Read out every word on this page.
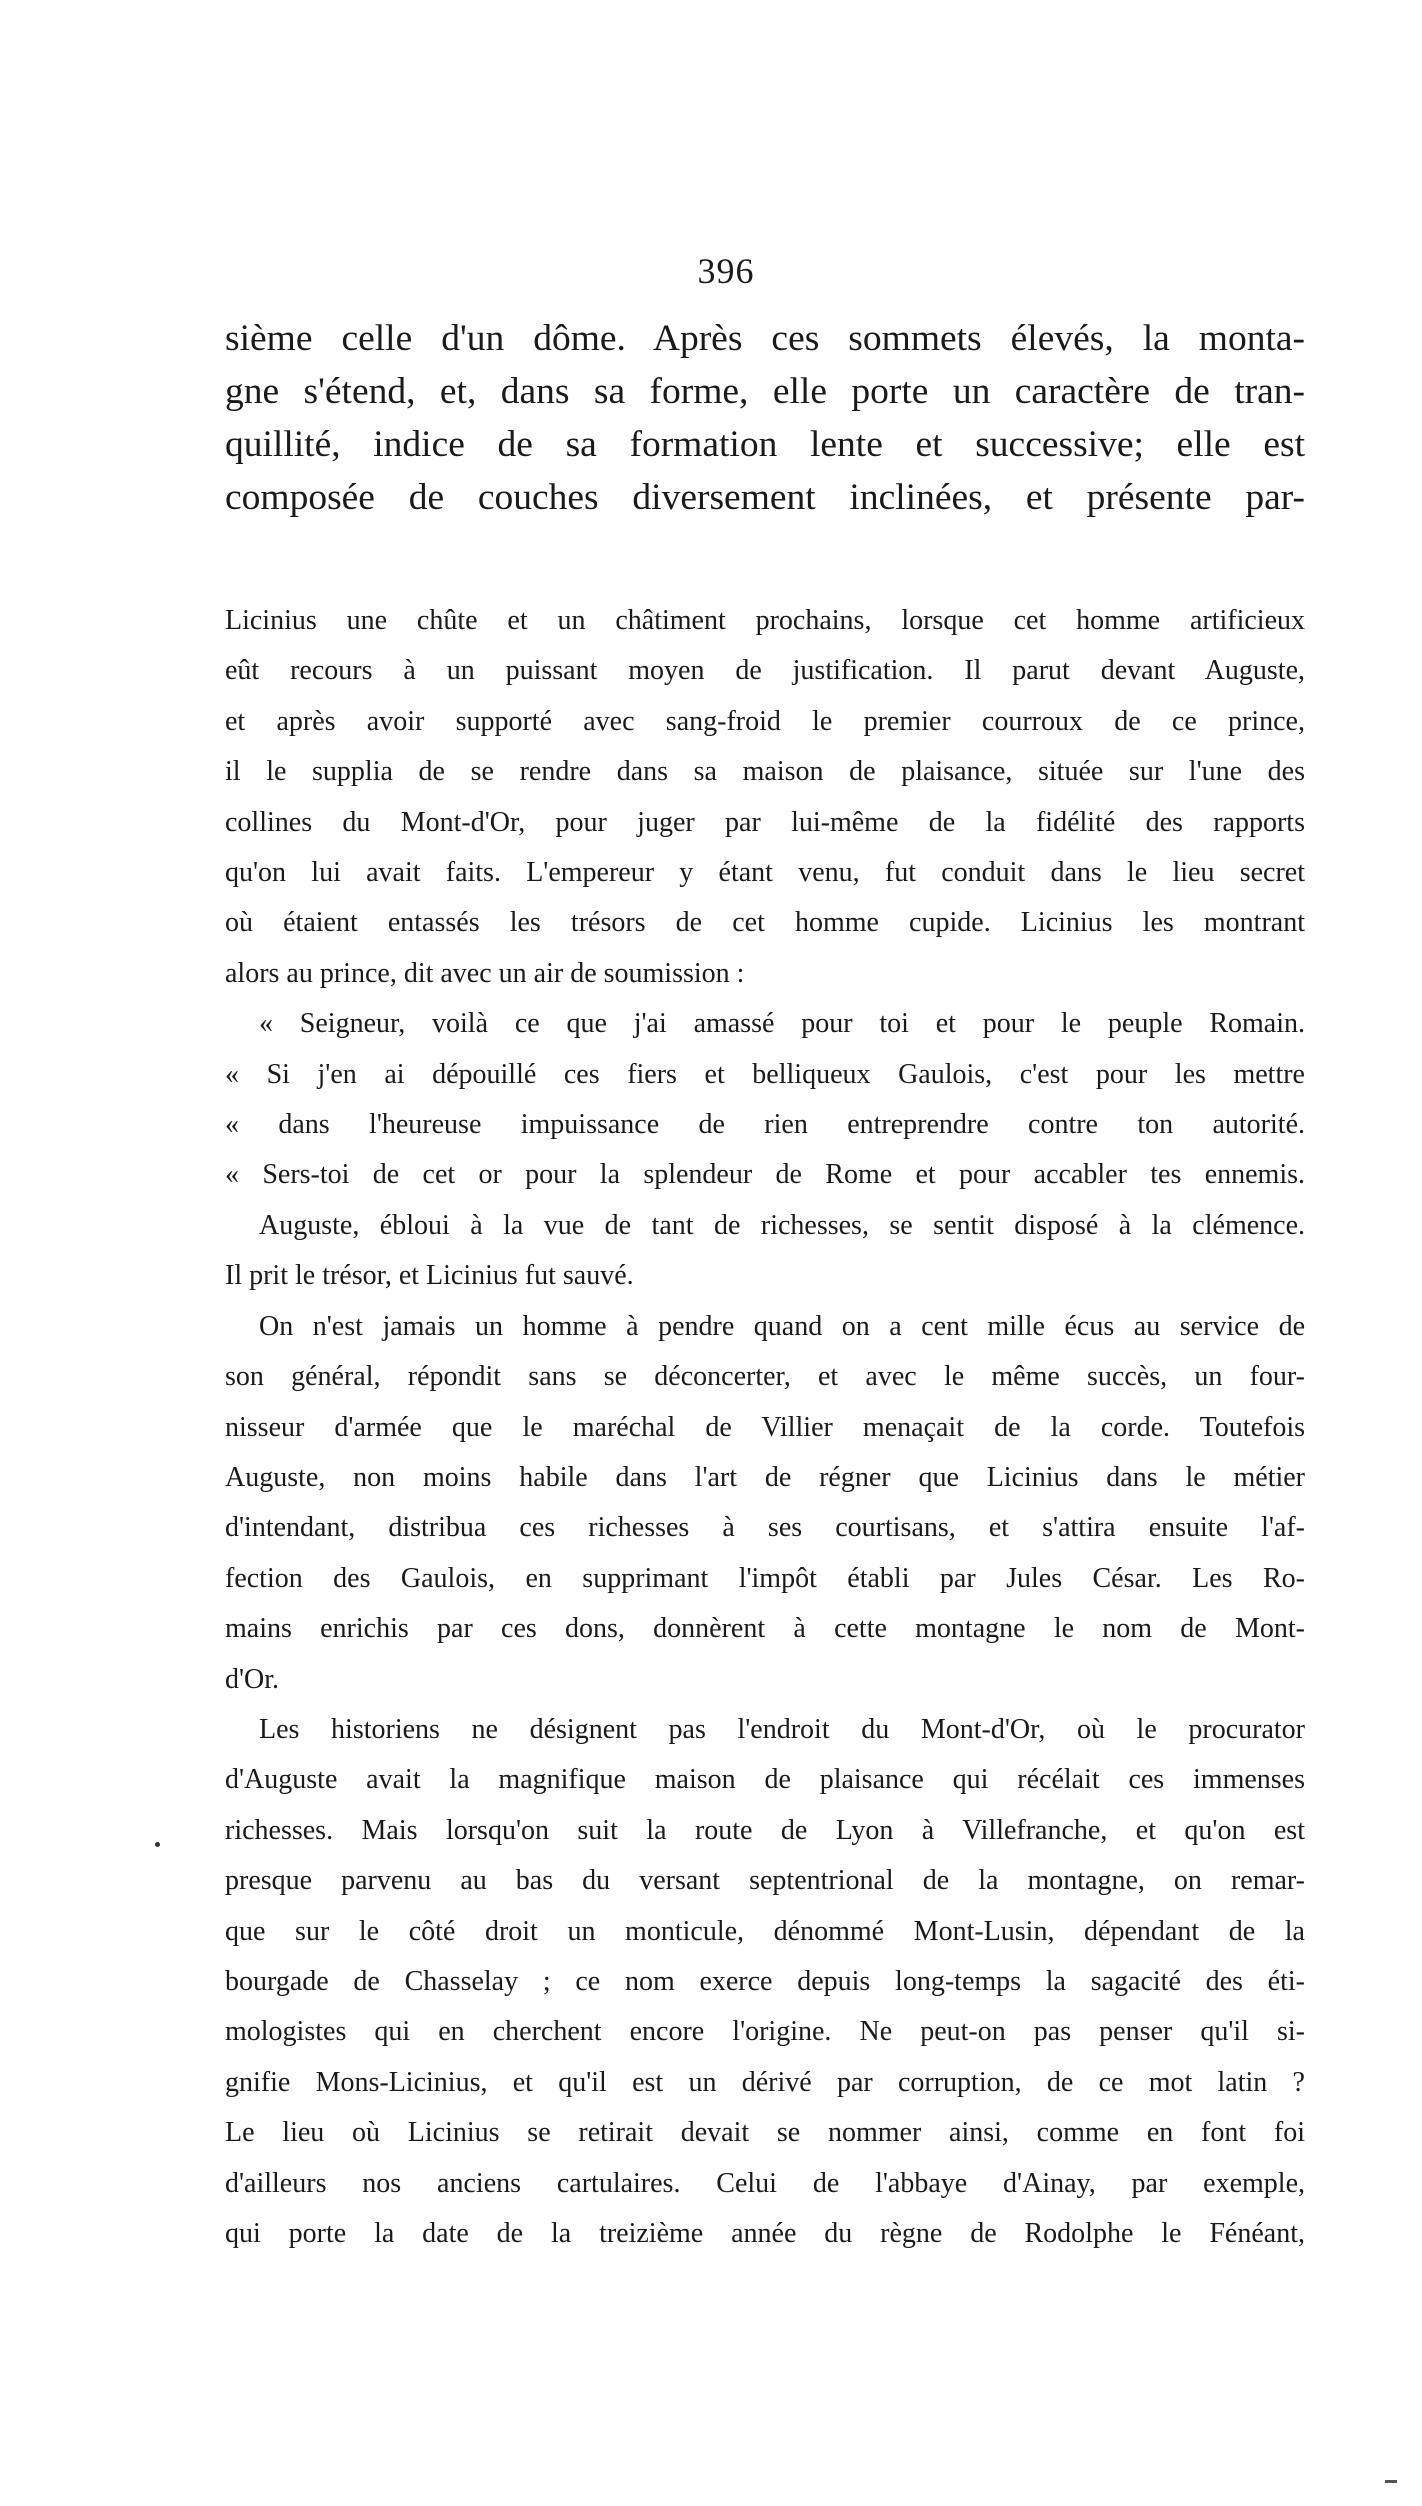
396
sième celle d'un dôme. Après ces sommets élevés, la monta-
gne s'étend, et, dans sa forme, elle porte un caractère de tran-
quillité, indice de sa formation lente et successive; elle est
composée de couches diversement inclinées, et présente par-
Licinius une chûte et un châtiment prochains, lorsque cet homme artificieux
eût recours à un puissant moyen de justification. Il parut devant Auguste,
et après avoir supporté avec sang-froid le premier courroux de ce prince,
il le supplia de se rendre dans sa maison de plaisance, située sur l'une des
collines du Mont-d'Or, pour juger par lui-même de la fidélité des rapports
qu'on lui avait faits. L'empereur y étant venu, fut conduit dans le lieu secret
où étaient entassés les trésors de cet homme cupide. Licinius les montrant
alors au prince, dit avec un air de soumission :
« Seigneur, voilà ce que j'ai amassé pour toi et pour le peuple Romain.
« Si j'en ai dépouillé ces fiers et belliqueux Gaulois, c'est pour les mettre
« dans l'heureuse impuissance de rien entreprendre contre ton autorité.
« Sers-toi de cet or pour la splendeur de Rome et pour accabler tes ennemis.
Auguste, ébloui à la vue de tant de richesses, se sentit disposé à la clémence.
Il prit le trésor, et Licinius fut sauvé.
On n'est jamais un homme à pendre quand on a cent mille écus au service de
son général, répondit sans se déconcerter, et avec le même succès, un four-
nisseur d'armée que le maréchal de Villier menaçait de la corde. Toutefois
Auguste, non moins habile dans l'art de régner que Licinius dans le métier
d'intendant, distribua ces richesses à ses courtisans, et s'attira ensuite l'af-
fection des Gaulois, en supprimant l'impôt établi par Jules César. Les Ro-
mains enrichis par ces dons, donnèrent à cette montagne le nom de Mont-
d'Or.
Les historiens ne désignent pas l'endroit du Mont-d'Or, où le procurator
d'Auguste avait la magnifique maison de plaisance qui récélait ces immenses
richesses. Mais lorsqu'on suit la route de Lyon à Villefranche, et qu'on est
presque parvenu au bas du versant septentrional de la montagne, on remar-
que sur le côté droit un monticule, dénommé Mont-Lusin, dépendant de la
bourgade de Chasselay ; ce nom exerce depuis long-temps la sagacité des éti-
mologistes qui en cherchent encore l'origine. Ne peut-on pas penser qu'il si-
gnifie Mons-Licinius, et qu'il est un dérivé par corruption, de ce mot latin ?
Le lieu où Licinius se retirait devait se nommer ainsi, comme en font foi
d'ailleurs nos anciens cartulaires. Celui de l'abbaye d'Ainay, par exemple,
qui porte la date de la treizième année du règne de Rodolphe le Fénéant,
